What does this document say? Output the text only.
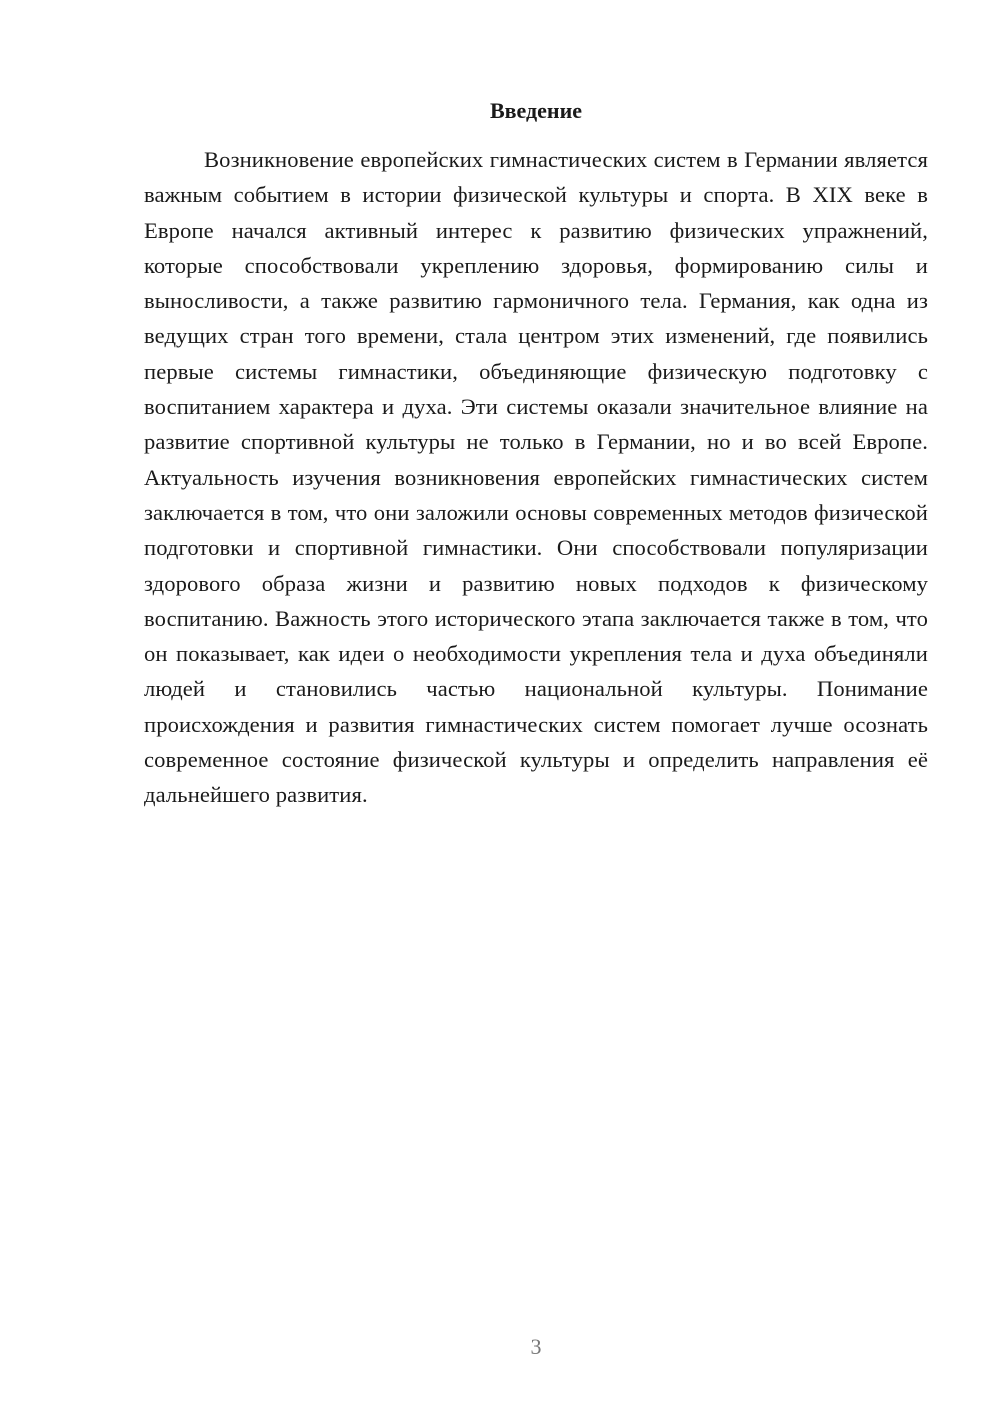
Введение

Возникновение европейских гимнастических систем в Германии является важным событием в истории физической культуры и спорта. В XIX веке в Европе начался активный интерес к развитию физических упражнений, которые способствовали укреплению здоровья, формированию силы и выносливости, а также развитию гармоничного тела. Германия, как одна из ведущих стран того времени, стала центром этих изменений, где появились первые системы гимнастики, объединяющие физическую подготовку с воспитанием характера и духа. Эти системы оказали значительное влияние на развитие спортивной культуры не только в Германии, но и во всей Европе. Актуальность изучения возникновения европейских гимнастических систем заключается в том, что они заложили основы современных методов физической подготовки и спортивной гимнастики. Они способствовали популяризации здорового образа жизни и развитию новых подходов к физическому воспитанию. Важность этого исторического этапа заключается также в том, что он показывает, как идеи о необходимости укрепления тела и духа объединяли людей и становились частью национальной культуры. Понимание происхождения и развития гимнастических систем помогает лучше осознать современное состояние физической культуры и определить направления её дальнейшего развития.

3
